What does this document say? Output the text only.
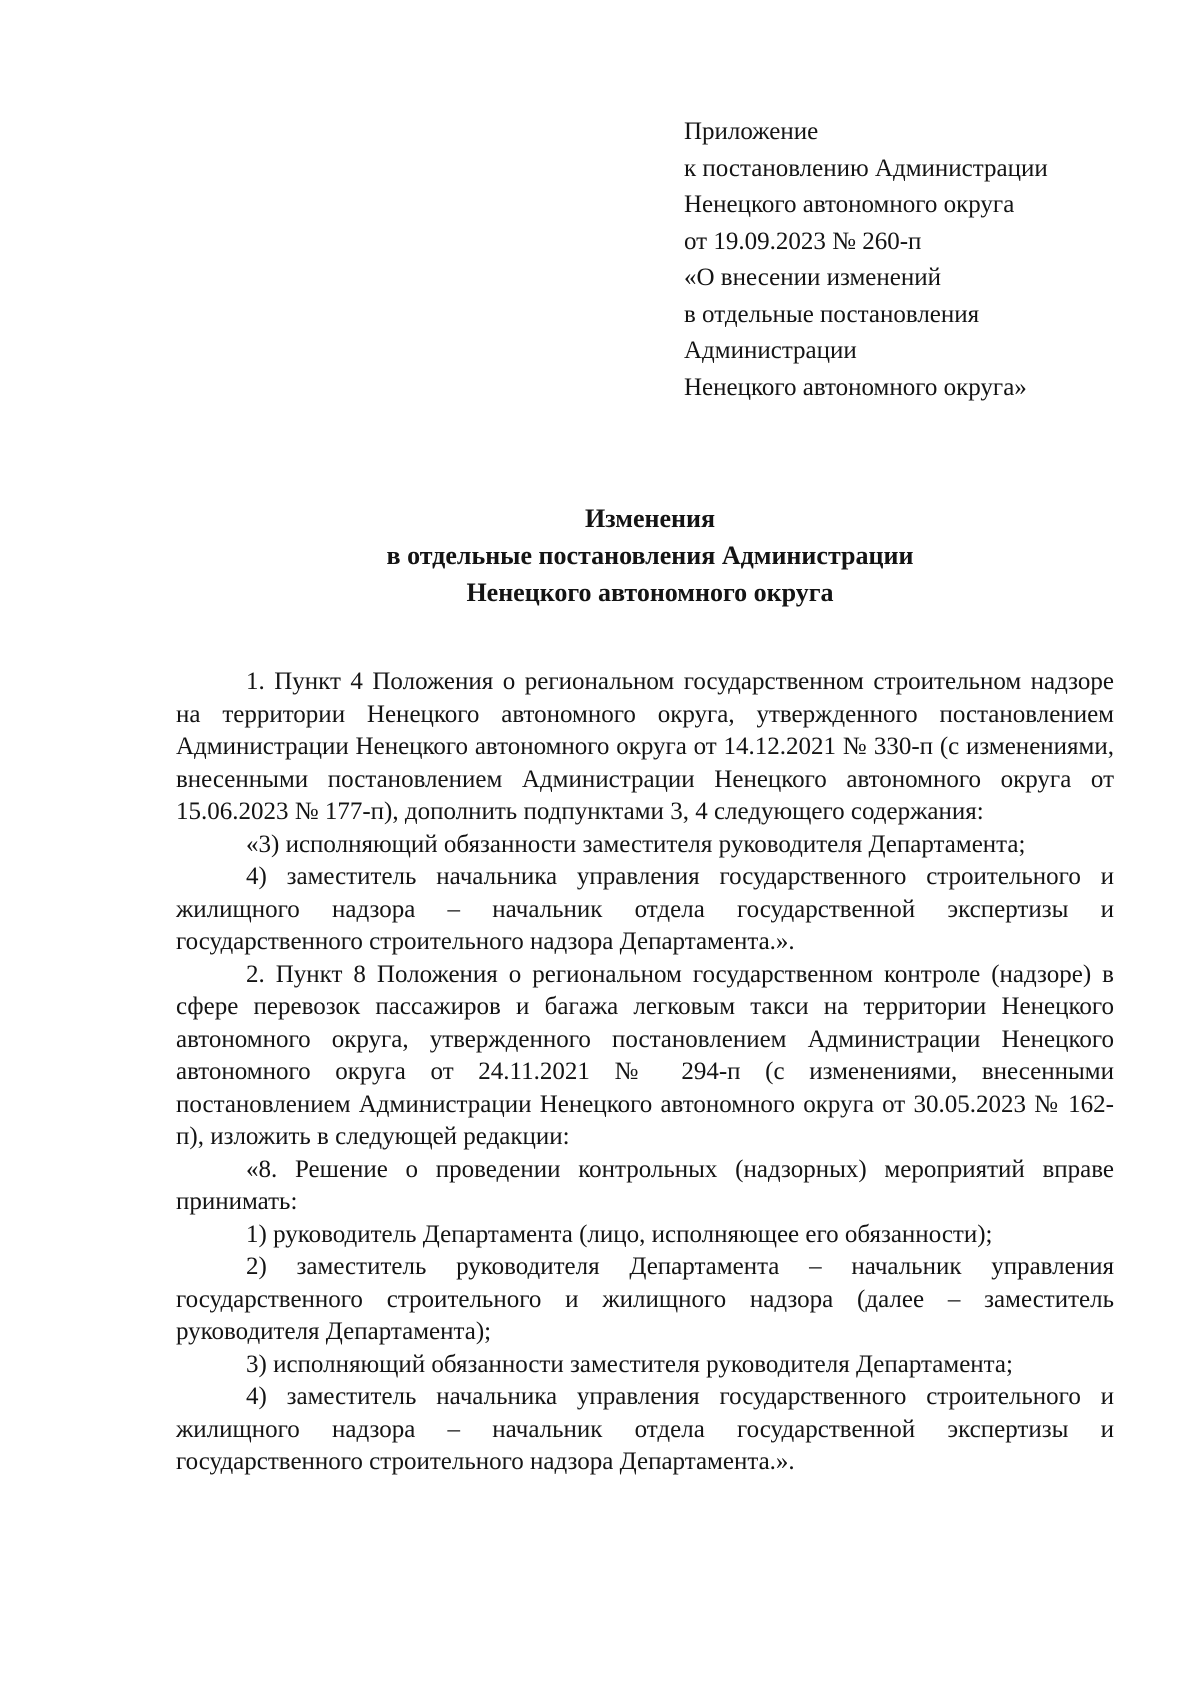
Приложение
к постановлению Администрации
Ненецкого автономного округа
от 19.09.2023 № 260-п
«О внесении изменений
в отдельные постановления
Администрации
Ненецкого автономного округа»
Изменения
в отдельные постановления Администрации
Ненецкого автономного округа

1. Пункт 4 Положения о региональном государственном строительном надзоре на территории Ненецкого автономного округа, утвержденного постановлением Администрации Ненецкого автономного округа от 14.12.2021 № 330-п (с изменениями, внесенными постановлением Администрации Ненецкого автономного округа от 15.06.2023 № 177-п), дополнить подпунктами 3, 4 следующего содержания:

«3) исполняющий обязанности заместителя руководителя Департамента;

4) заместитель начальника управления государственного строительного и жилищного надзора – начальник отдела государственной экспертизы и государственного строительного надзора Департамента.».

2. Пункт 8 Положения о региональном государственном контроле (надзоре) в сфере перевозок пассажиров и багажа легковым такси на территории Ненецкого автономного округа, утвержденного постановлением Администрации Ненецкого автономного округа от 24.11.2021 № 294-п (с изменениями, внесенными постановлением Администрации Ненецкого автономного округа от 30.05.2023 № 162-п), изложить в следующей редакции:

«8. Решение о проведении контрольных (надзорных) мероприятий вправе принимать:

1) руководитель Департамента (лицо, исполняющее его обязанности);

2) заместитель руководителя Департамента – начальник управления государственного строительного и жилищного надзора (далее – заместитель руководителя Департамента);

3) исполняющий обязанности заместителя руководителя Департамента;

4) заместитель начальника управления государственного строительного и жилищного надзора – начальник отдела государственной экспертизы и государственного строительного надзора Департамента.».
